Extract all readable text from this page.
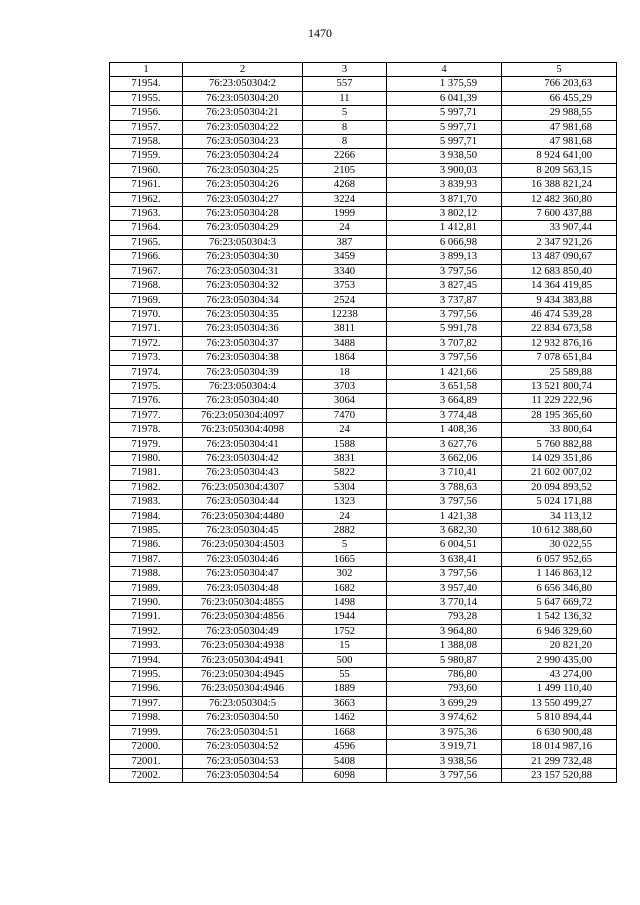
1470
1	2	3	4	5
71954.	76:23:050304:2	557	1 375,59	766 203,63
71955.	76:23:050304:20	11	6 041,39	66 455,29
71956.	76:23:050304:21	5	5 997,71	29 988,55
71957.	76:23:050304:22	8	5 997,71	47 981,68
71958.	76:23:050304:23	8	5 997,71	47 981,68
71959.	76:23:050304:24	2266	3 938,50	8 924 641,00
71960.	76:23:050304:25	2105	3 900,03	8 209 563,15
71961.	76:23:050304:26	4268	3 839,93	16 388 821,24
71962.	76:23:050304:27	3224	3 871,70	12 482 360,80
71963.	76:23:050304:28	1999	3 802,12	7 600 437,88
71964.	76:23:050304:29	24	1 412,81	33 907,44
71965.	76:23:050304:3	387	6 066,98	2 347 921,26
71966.	76:23:050304:30	3459	3 899,13	13 487 090,67
71967.	76:23:050304:31	3340	3 797,56	12 683 850,40
71968.	76:23:050304:32	3753	3 827,45	14 364 419,85
71969.	76:23:050304:34	2524	3 737,87	9 434 383,88
71970.	76:23:050304:35	12238	3 797,56	46 474 539,28
71971.	76:23:050304:36	3811	5 991,78	22 834 673,58
71972.	76:23:050304:37	3488	3 707,82	12 932 876,16
71973.	76:23:050304:38	1864	3 797,56	7 078 651,84
71974.	76:23:050304:39	18	1 421,66	25 589,88
71975.	76:23:050304:4	3703	3 651,58	13 521 800,74
71976.	76:23:050304:40	3064	3 664,89	11 229 222,96
71977.	76:23:050304:4097	7470	3 774,48	28 195 365,60
71978.	76:23:050304:4098	24	1 408,36	33 800,64
71979.	76:23:050304:41	1588	3 627,76	5 760 882,88
71980.	76:23:050304:42	3831	3 662,06	14 029 351,86
71981.	76:23:050304:43	5822	3 710,41	21 602 007,02
71982.	76:23:050304:4307	5304	3 788,63	20 094 893,52
71983.	76:23:050304:44	1323	3 797,56	5 024 171,88
71984.	76:23:050304:4480	24	1 421,38	34 113,12
71985.	76:23:050304:45	2882	3 682,30	10 612 388,60
71986.	76:23:050304:4503	5	6 004,51	30 022,55
71987.	76:23:050304:46	1665	3 638,41	6 057 952,65
71988.	76:23:050304:47	302	3 797,56	1 146 863,12
71989.	76:23:050304:48	1682	3 957,40	6 656 346,80
71990.	76:23:050304:4855	1498	3 770,14	5 647 669,72
71991.	76:23:050304:4856	1944	793,28	1 542 136,32
71992.	76:23:050304:49	1752	3 964,80	6 946 329,60
71993.	76:23:050304:4938	15	1 388,08	20 821,20
71994.	76:23:050304:4941	500	5 980,87	2 990 435,00
71995.	76:23:050304:4945	55	786,80	43 274,00
71996.	76:23:050304:4946	1889	793,60	1 499 110,40
71997.	76:23:050304:5	3663	3 699,29	13 550 499,27
71998.	76:23:050304:50	1462	3 974,62	5 810 894,44
71999.	76:23:050304:51	1668	3 975,36	6 630 900,48
72000.	76:23:050304:52	4596	3 919,71	18 014 987,16
72001.	76:23:050304:53	5408	3 938,56	21 299 732,48
72002.	76:23:050304:54	6098	3 797,56	23 157 520,88
